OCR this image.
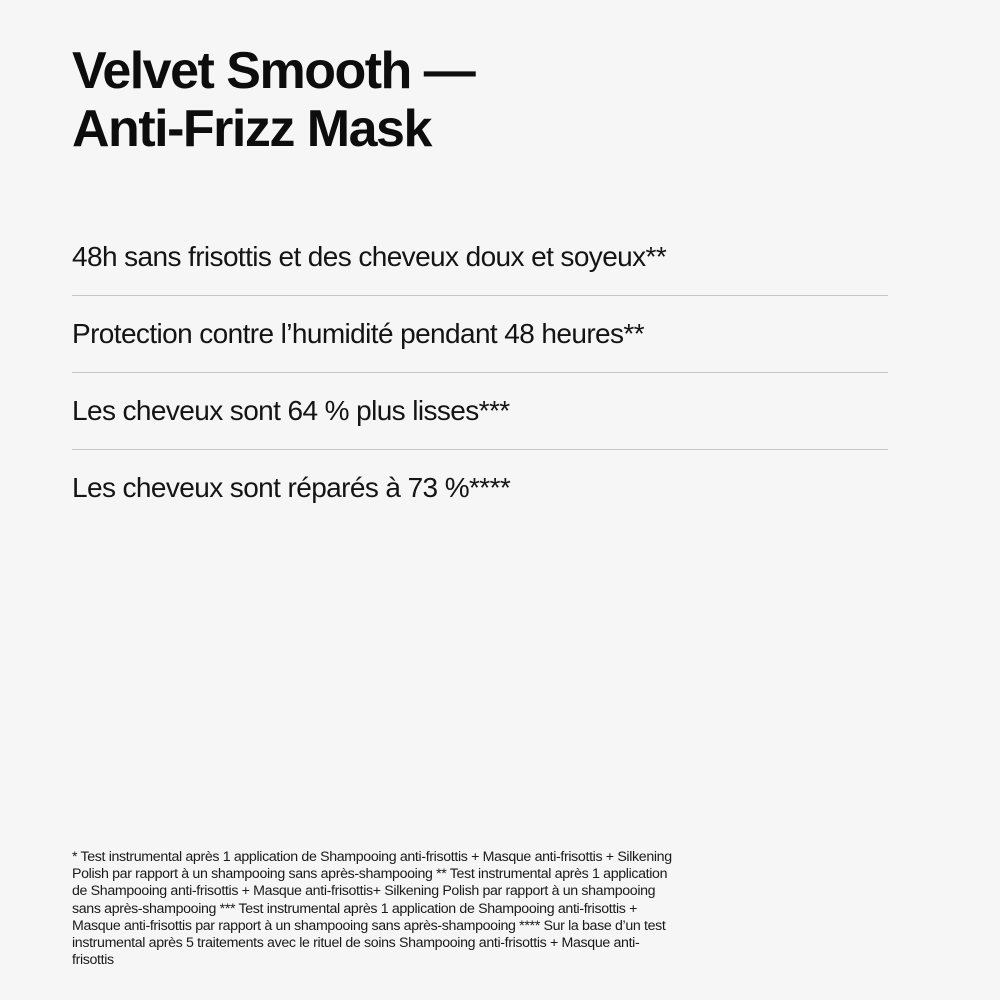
Velvet Smooth —
Anti-Frizz Mask
48h sans frisottis et des cheveux doux et soyeux**
Protection contre l’humidité pendant 48 heures**
Les cheveux sont 64 % plus lisses***
Les cheveux sont réparés à 73 %****

* Test instrumental après 1 application de Shampooing anti-frisottis + Masque anti-frisottis + Silkening
Polish par rapport à un shampooing sans après-shampooing ** Test instrumental après 1 application
de Shampooing anti-frisottis + Masque anti-frisottis+ Silkening Polish par rapport à un shampooing
sans après-shampooing *** Test instrumental après 1 application de Shampooing anti-frisottis +
Masque anti-frisottis par rapport à un shampooing sans après-shampooing **** Sur la base d’un test
instrumental après 5 traitements avec le rituel de soins Shampooing anti-frisottis + Masque anti-
frisottis
